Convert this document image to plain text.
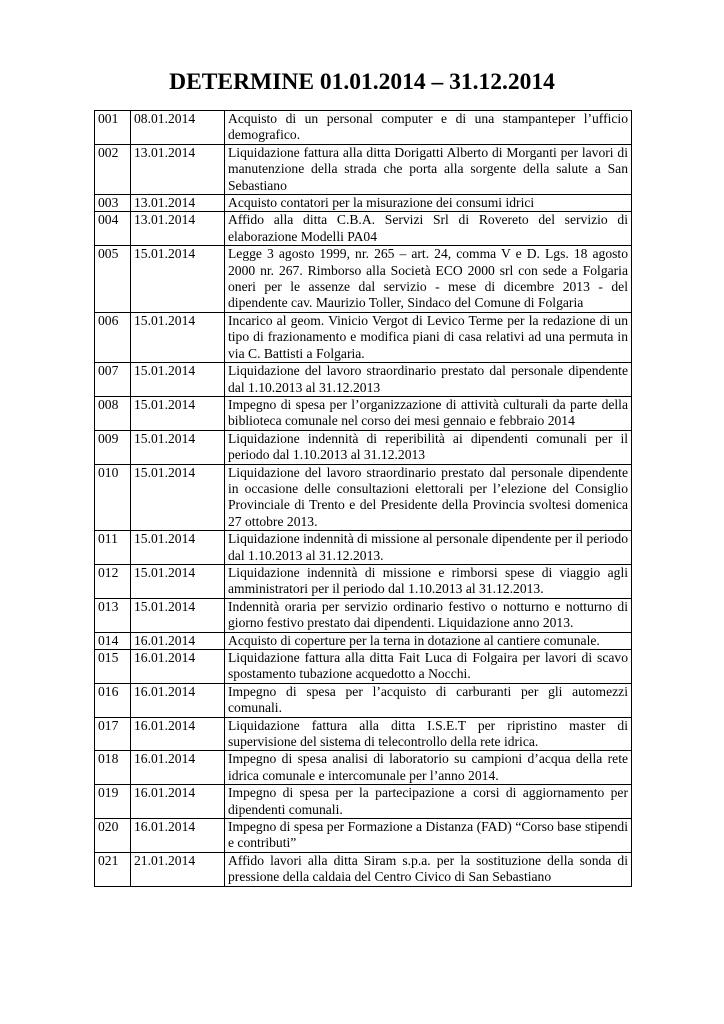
DETERMINE 01.01.2014 – 31.12.2014
001	08.01.2014	Acquisto di un personal computer e di una stampanteper l’ufficio demografico.
002	13.01.2014	Liquidazione fattura alla ditta Dorigatti Alberto di Morganti per lavori di manutenzione della strada che porta alla sorgente della salute a San Sebastiano
003	13.01.2014	Acquisto contatori per la misurazione dei consumi idrici
004	13.01.2014	Affido alla ditta C.B.A. Servizi Srl di Rovereto del servizio di elaborazione Modelli PA04
005	15.01.2014	Legge 3 agosto 1999, nr. 265 – art. 24, comma V e D. Lgs. 18 agosto 2000 nr. 267. Rimborso alla Società ECO 2000 srl con sede a Folgaria oneri per le assenze dal servizio - mese di dicembre 2013 - del dipendente cav. Maurizio Toller, Sindaco del Comune di Folgaria
006	15.01.2014	Incarico al geom. Vinicio Vergot di Levico Terme per la redazione di un tipo di frazionamento e modifica piani di casa relativi ad una permuta in via C. Battisti a Folgaria.
007	15.01.2014	Liquidazione del lavoro straordinario prestato dal personale dipendente dal 1.10.2013 al 31.12.2013
008	15.01.2014	Impegno di spesa per l’organizzazione di attività culturali da parte della biblioteca comunale nel corso dei mesi gennaio e febbraio 2014
009	15.01.2014	Liquidazione indennità di reperibilità ai dipendenti comunali per il periodo dal 1.10.2013 al 31.12.2013
010	15.01.2014	Liquidazione del lavoro straordinario prestato dal personale dipendente in occasione delle consultazioni elettorali per l’elezione del Consiglio Provinciale di Trento e del Presidente della Provincia svoltesi domenica 27 ottobre 2013.
011	15.01.2014	Liquidazione indennità di missione al personale dipendente per il periodo dal 1.10.2013 al 31.12.2013.
012	15.01.2014	Liquidazione indennità di missione e rimborsi spese di viaggio agli amministratori per il periodo dal 1.10.2013 al 31.12.2013.
013	15.01.2014	Indennità oraria per servizio ordinario festivo o notturno e notturno di giorno festivo prestato dai dipendenti. Liquidazione anno 2013.
014	16.01.2014	Acquisto di coperture per la terna in dotazione al cantiere comunale.
015	16.01.2014	Liquidazione fattura alla ditta Fait Luca di Folgaira per lavori di scavo spostamento tubazione acquedotto a Nocchi.
016	16.01.2014	Impegno di spesa per l’acquisto di carburanti per gli automezzi comunali.
017	16.01.2014	Liquidazione fattura alla ditta I.S.E.T per ripristino master di supervisione del sistema di telecontrollo della rete idrica.
018	16.01.2014	Impegno di spesa analisi di laboratorio su campioni d’acqua della rete idrica comunale e intercomunale per l’anno 2014.
019	16.01.2014	Impegno di spesa per la partecipazione a corsi di aggiornamento per dipendenti comunali.
020	16.01.2014	Impegno di spesa per Formazione a Distanza (FAD) “Corso base stipendi e contributi”
021	21.01.2014	Affido lavori alla ditta Siram s.p.a. per la sostituzione della sonda di pressione della caldaia del Centro Civico di San Sebastiano
